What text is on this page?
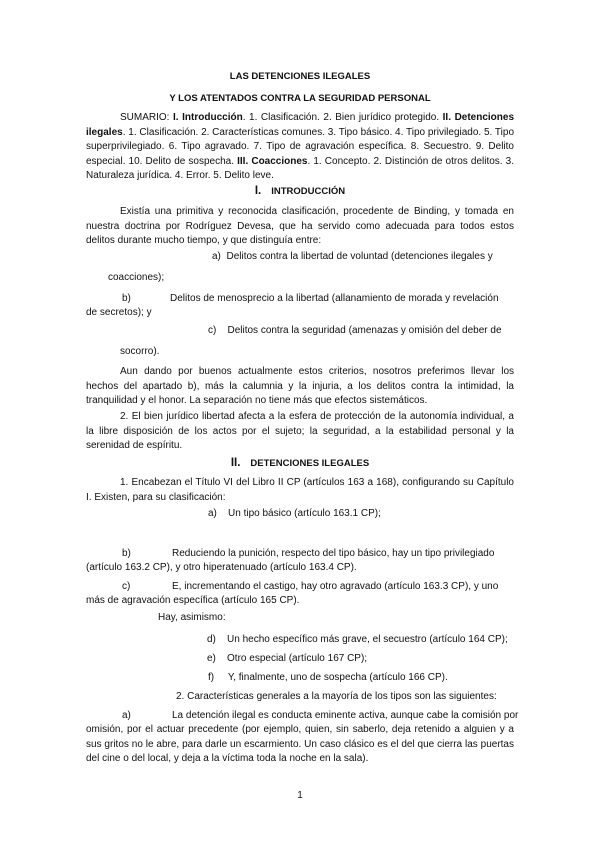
LAS DETENCIONES ILEGALES
Y LOS ATENTADOS CONTRA LA SEGURIDAD PERSONAL
SUMARIO: I. Introducción. 1. Clasificación. 2. Bien jurídico protegido. II. Detenciones ilegales. 1. Clasificación. 2. Características comunes. 3. Tipo básico. 4. Tipo privilegiado. 5. Tipo superprivilegiado. 6. Tipo agravado. 7. Tipo de agravación específica. 8. Secuestro. 9. Delito especial. 10. Delito de sospecha. III. Coacciones. 1. Concepto. 2. Distinción de otros delitos. 3. Naturaleza jurídica. 4. Error. 5. Delito leve.
I. INTRODUCCIÓN
Existía una primitiva y reconocida clasificación, procedente de Binding, y tomada en nuestra doctrina por Rodríguez Devesa, que ha servido como adecuada para todos estos delitos durante mucho tiempo, y que distinguía entre:
a) Delitos contra la libertad de voluntad (detenciones ilegales y
coacciones);
b)	Delitos de menosprecio a la libertad (allanamiento de morada y revelación
de secretos); y
c) Delitos contra la seguridad (amenazas y omisión del deber de
socorro).
Aun dando por buenos actualmente estos criterios, nosotros preferimos llevar los hechos del apartado b), más la calumnia y la injuria, a los delitos contra la intimidad, la tranquilidad y el honor. La separación no tiene más que efectos sistemáticos.
2. El bien jurídico libertad afecta a la esfera de protección de la autonomía individual, a la libre disposición de los actos por el sujeto; la seguridad, a la estabilidad personal y la serenidad de espíritu.
II. DETENCIONES ILEGALES
1. Encabezan el Título VI del Libro II CP (artículos 163 a 168), configurando su Capítulo I. Existen, para su clasificación:
a) Un tipo básico (artículo 163.1 CP);
b)	Reduciendo la punición, respecto del tipo básico, hay un tipo privilegiado
(artículo 163.2 CP), y otro hiperatenuado (artículo 163.4 CP).
c)	E, incrementando el castigo, hay otro agravado (artículo 163.3 CP), y uno
más de agravación específica (artículo 165 CP).
Hay, asimismo:
d) Un hecho específico más grave, el secuestro (artículo 164 CP);
e) Otro especial (artículo 167 CP);
f) Y, finalmente, uno de sospecha (artículo 166 CP).
2. Características generales a la mayoría de los tipos son las siguientes:
a)	La detención ilegal es conducta eminente activa, aunque cabe la comisión por
omisión, por el actuar precedente (por ejemplo, quien, sin saberlo, deja retenido a alguien y a sus gritos no le abre, para darle un escarmiento. Un caso clásico es el del que cierra las puertas del cine o del local, y deja a la víctima toda la noche en la sala).
1
